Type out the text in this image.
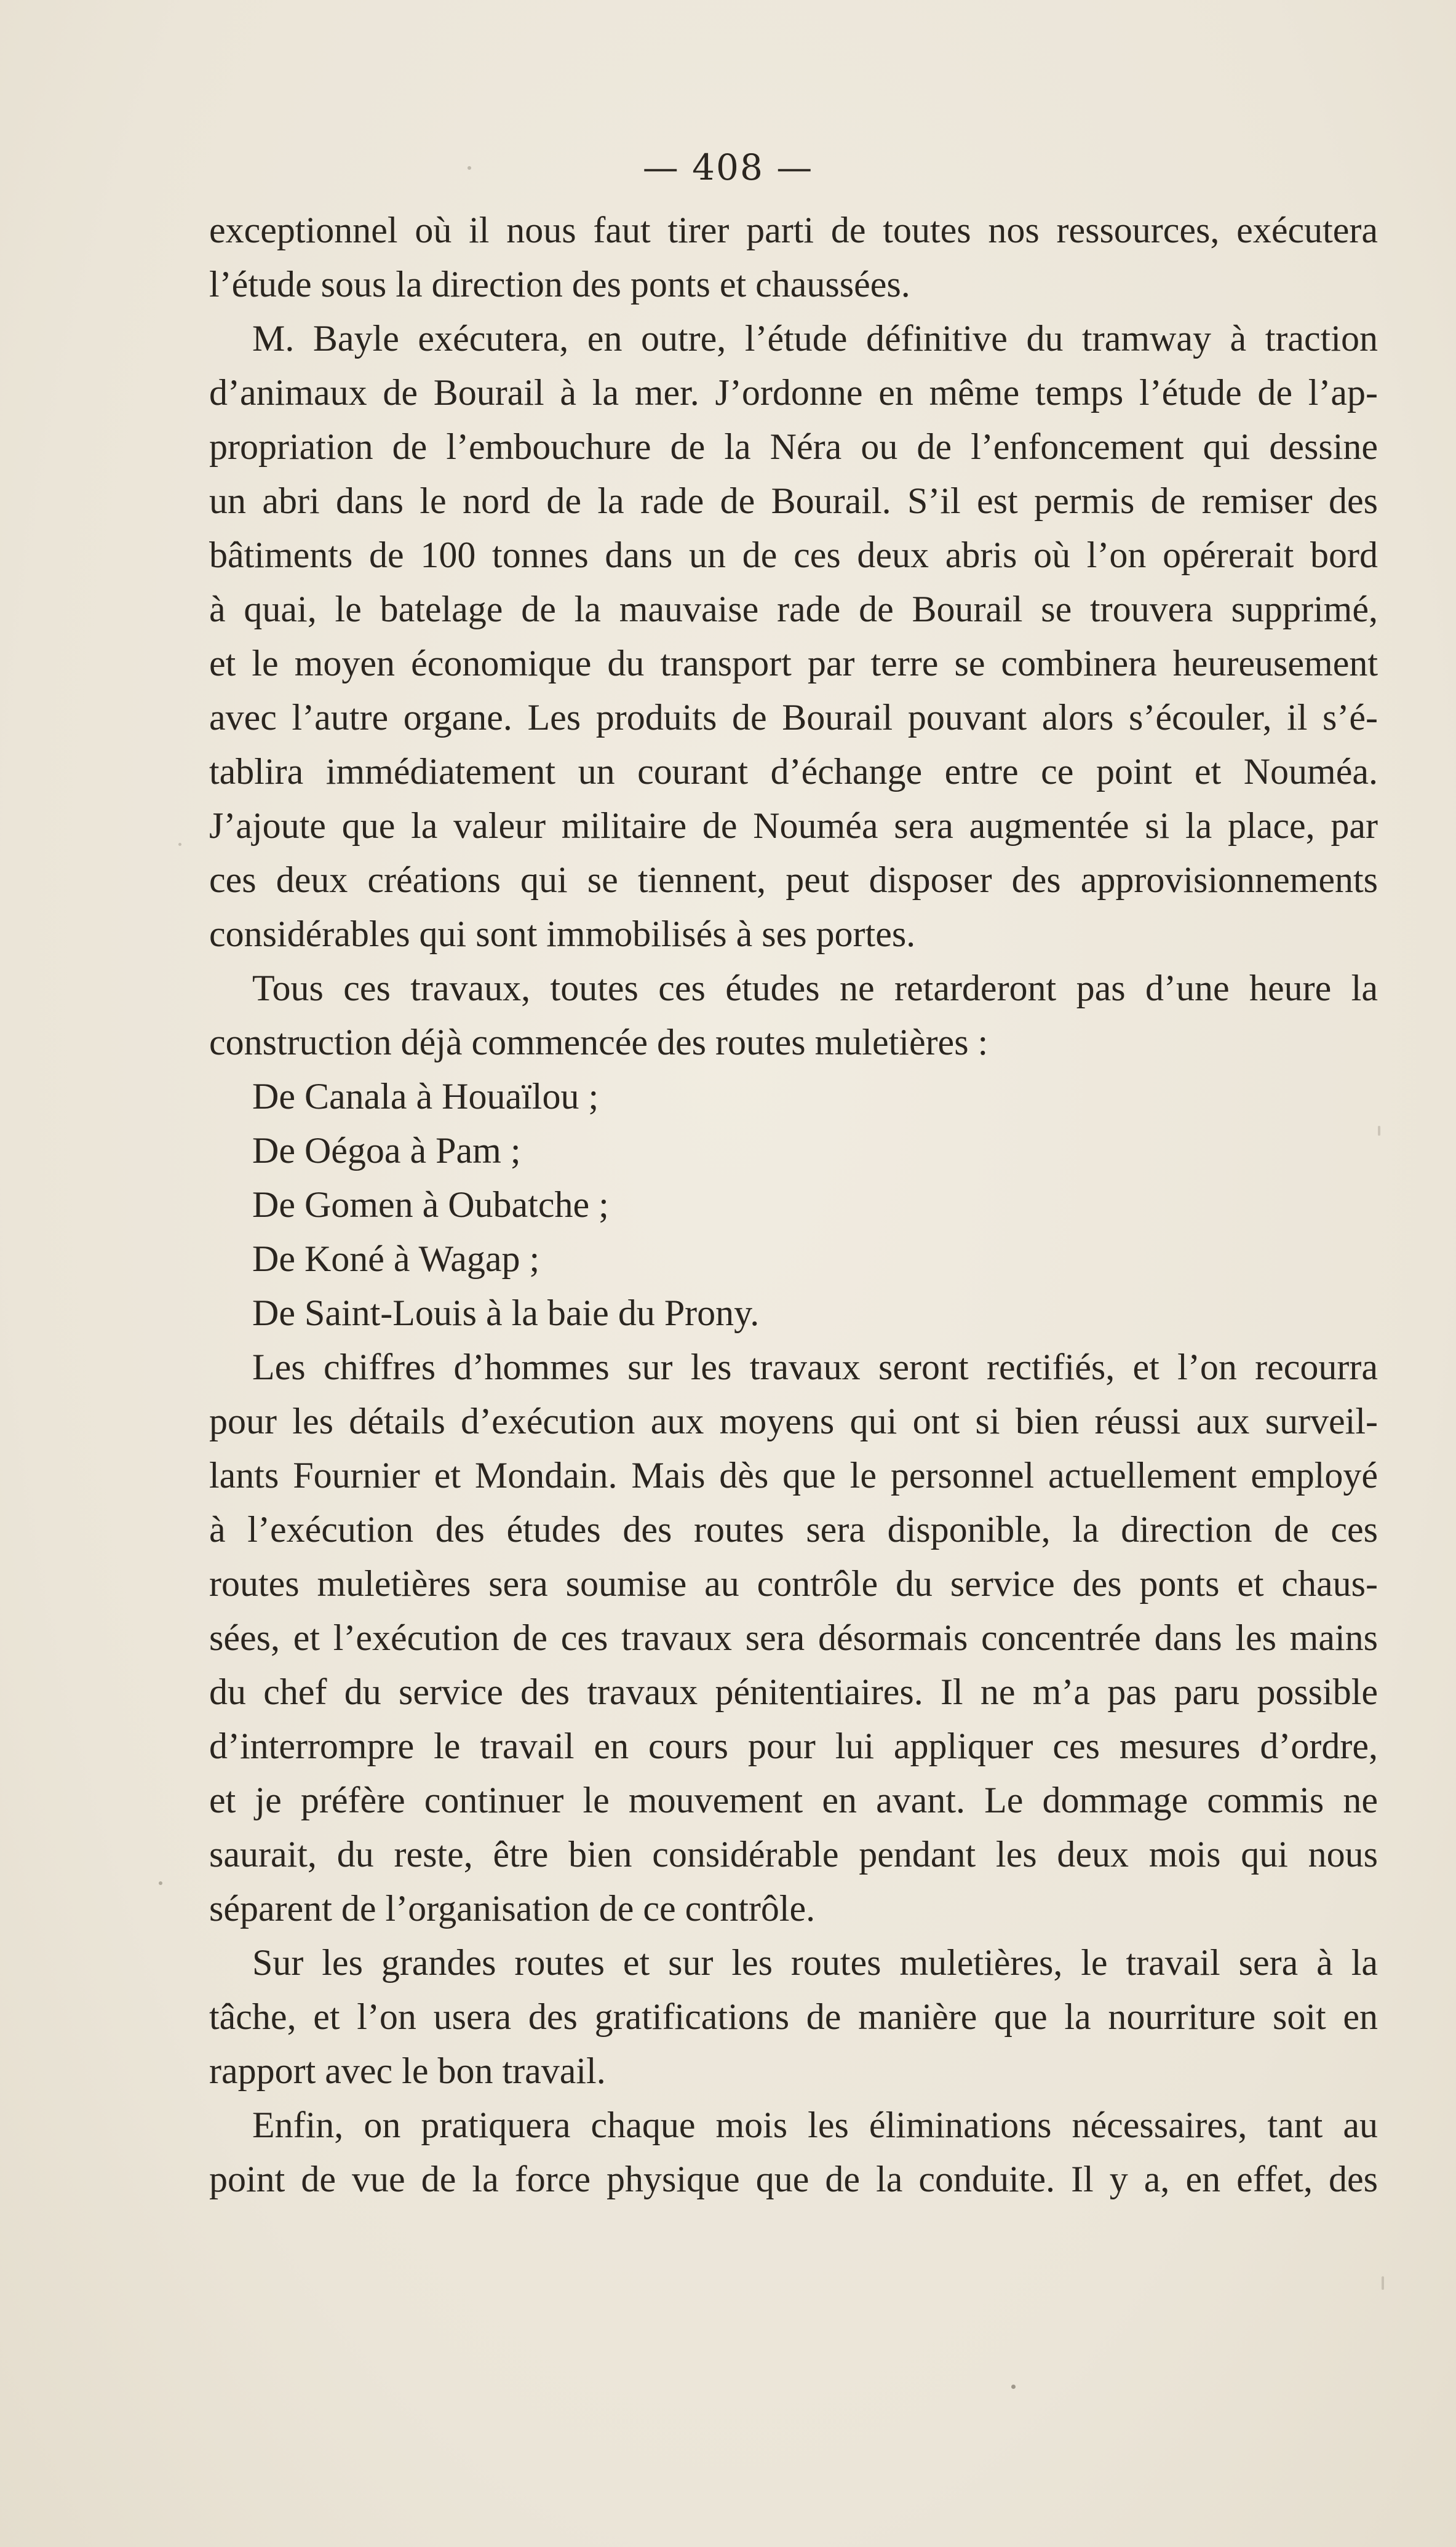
— 408 —
exceptionnel où il nous faut tirer parti de toutes nos ressources, exécutera
l’étude sous la direction des ponts et chaussées.
M. Bayle exécutera, en outre, l’étude définitive du tramway à traction
d’animaux de Bourail à la mer. J’ordonne en même temps l’étude de l’ap-
propriation de l’embouchure de la Néra ou de l’enfoncement qui dessine
un abri dans le nord de la rade de Bourail. S’il est permis de remiser des
bâtiments de 100 tonnes dans un de ces deux abris où l’on opérerait bord
à quai, le batelage de la mauvaise rade de Bourail se trouvera supprimé,
et le moyen économique du transport par terre se combinera heureusement
avec l’autre organe. Les produits de Bourail pouvant alors s’écouler, il s’é-
tablira immédiatement un courant d’échange entre ce point et Nouméa.
J’ajoute que la valeur militaire de Nouméa sera augmentée si la place, par
ces deux créations qui se tiennent, peut disposer des approvisionnements
considérables qui sont immobilisés à ses portes.
Tous ces travaux, toutes ces études ne retarderont pas d’une heure la
construction déjà commencée des routes muletières :
De Canala à Houaïlou ;
De Oégoa à Pam ;
De Gomen à Oubatche ;
De Koné à Wagap ;
De Saint-Louis à la baie du Prony.
Les chiffres d’hommes sur les travaux seront rectifiés, et l’on recourra
pour les détails d’exécution aux moyens qui ont si bien réussi aux surveil-
lants Fournier et Mondain. Mais dès que le personnel actuellement employé
à l’exécution des études des routes sera disponible, la direction de ces
routes muletières sera soumise au contrôle du service des ponts et chaus-
sées, et l’exécution de ces travaux sera désormais concentrée dans les mains
du chef du service des travaux pénitentiaires. Il ne m’a pas paru possible
d’interrompre le travail en cours pour lui appliquer ces mesures d’ordre,
et je préfère continuer le mouvement en avant. Le dommage commis ne
saurait, du reste, être bien considérable pendant les deux mois qui nous
séparent de l’organisation de ce contrôle.
Sur les grandes routes et sur les routes muletières, le travail sera à la
tâche, et l’on usera des gratifications de manière que la nourriture soit en
rapport avec le bon travail.
Enfin, on pratiquera chaque mois les éliminations nécessaires, tant au
point de vue de la force physique que de la conduite. Il y a, en effet, des
